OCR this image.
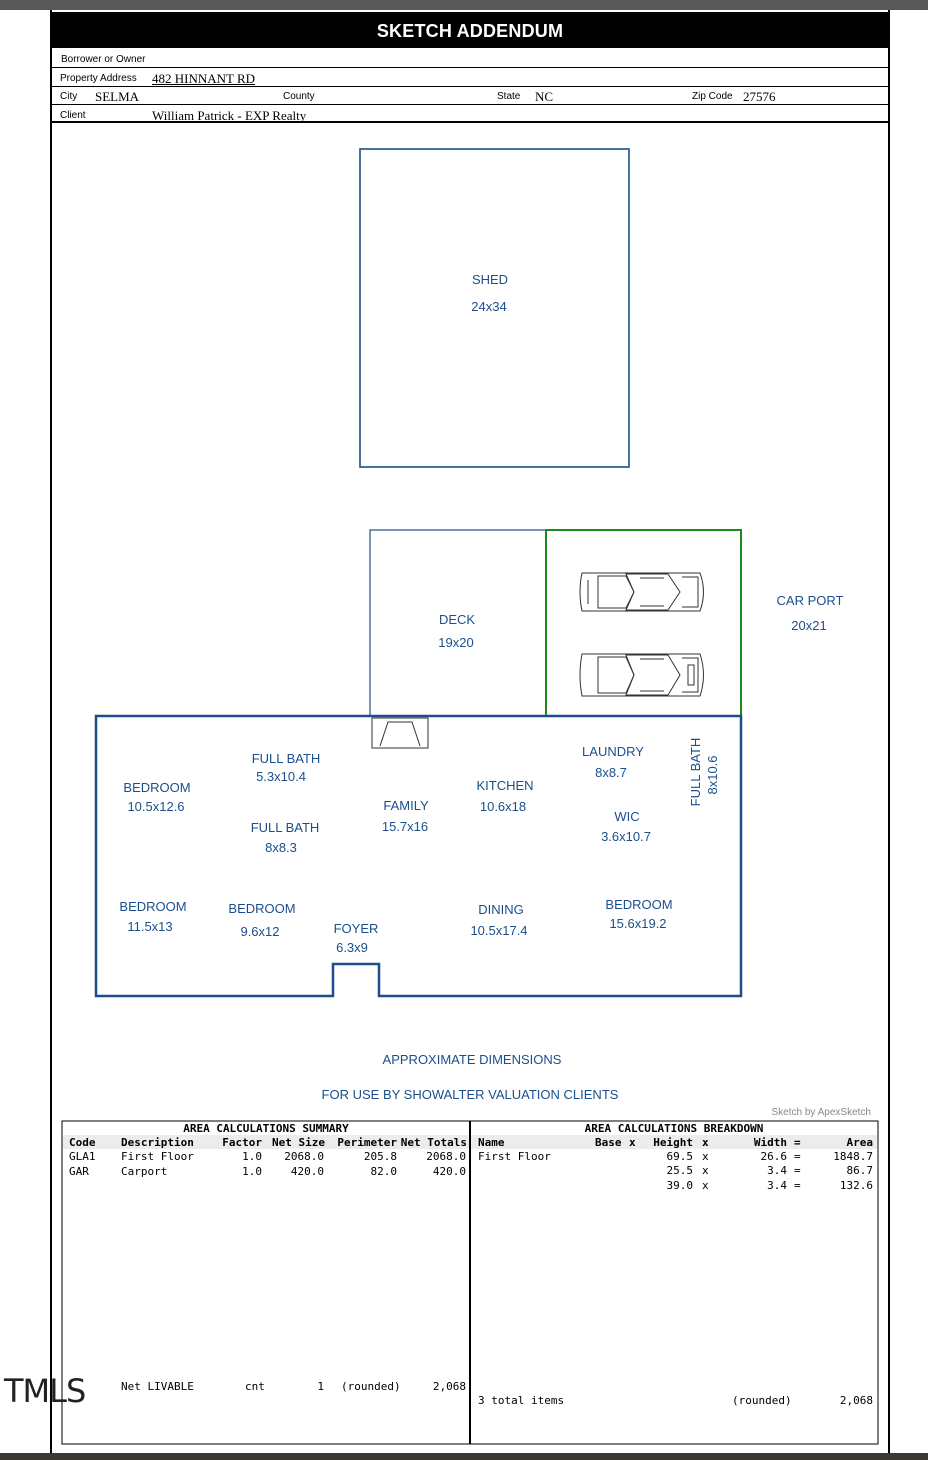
SKETCH ADDENDUM
Borrower or Owner
Property Address 482 HINNANT RD
City SELMA	County	State NC	Zip Code 27576
Client	William Patrick - EXP Realty
SHED
24x34
DECK
19x20
CAR PORT
20x21
BEDROOM
10.5x12.6
FULL BATH
5.3x10.4
FULL BATH
8x8.3
FAMILY
15.7x16
KITCHEN
10.6x18
LAUNDRY
8x8.7
WIC
3.6x10.7
FULL BATH 8x10.6
BEDROOM
11.5x13
BEDROOM
9.6x12	FOYER
6.3x9
DINING
10.5x17.4
BEDROOM
15.6x19.2
APPROXIMATE DIMENSIONS
FOR USE BY SHOWALTER VALUATION CLIENTS
Sketch by ApexSketch
AREA CALCULATIONS SUMMARY
Code Description	Factor Net Size Perimeter Net Totals
GLA1 First Floor	1.0 2068.0	205.8	2068.0
GAR	Carport	1.0	420.0	82.0	420.0
Net LIVABLE	cnt	1 (rounded)	2,068
AREA CALCULATIONS BREAKDOWN
Name	Base x Height x	Width =	Area
First Floor	69.5 x	26.6 =	1848.7
25.5 x	3.4 =	86.7
39.0 x	3.4 =	132.6
3 total items	(rounded)	2,068
TMLS
